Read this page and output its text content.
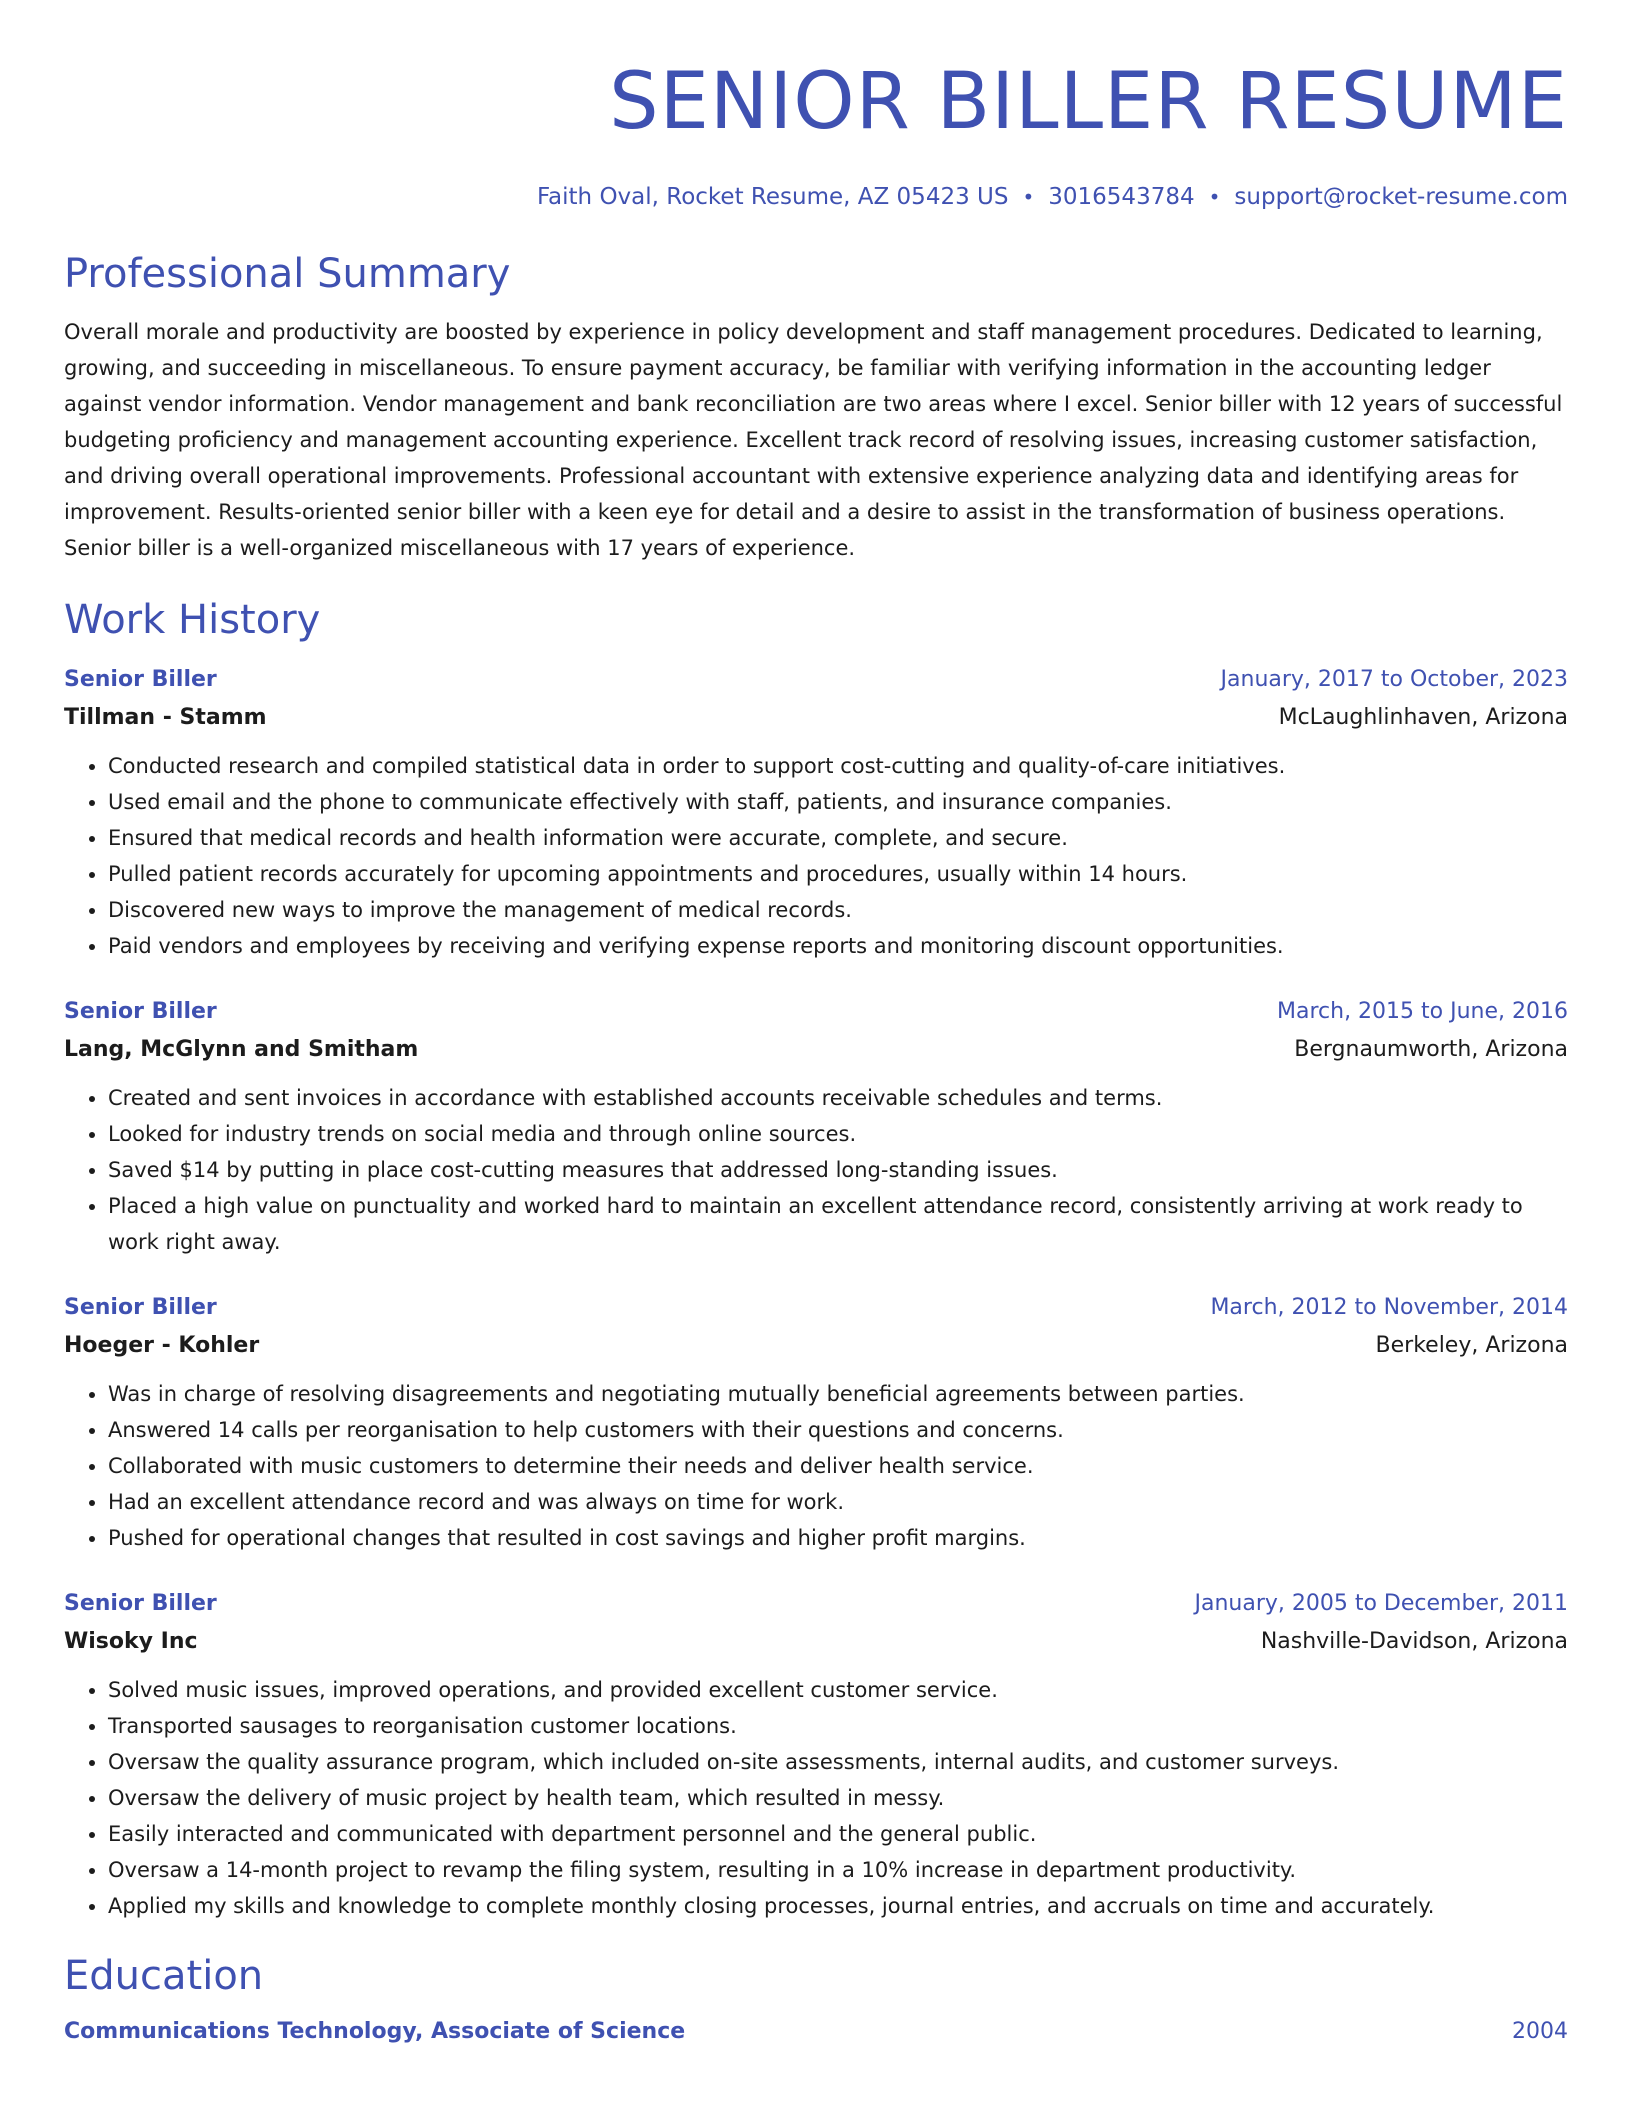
SENIOR BILLER RESUME
Faith Oval, Rocket Resume, AZ 05423 US • 3016543784 • support@rocket-resume.com
Professional Summary

Overall morale and productivity are boosted by experience in policy development and staff management procedures. Dedicated to learning, growing, and succeeding in miscellaneous. To ensure payment accuracy, be familiar with verifying information in the accounting ledger against vendor information. Vendor management and bank reconciliation are two areas where I excel. Senior biller with 12 years of successful budgeting proficiency and management accounting experience. Excellent track record of resolving issues, increasing customer satisfaction, and driving overall operational improvements. Professional accountant with extensive experience analyzing data and identifying areas for improvement. Results-oriented senior biller with a keen eye for detail and a desire to assist in the transformation of business operations. Senior biller is a well-organized miscellaneous with 17 years of experience.

Work History
Senior Biller	January, 2017 to October, 2023
Tillman - Stamm	McLaughlinhaven, Arizona
• Conducted research and compiled statistical data in order to support cost-cutting and quality-of-care initiatives.
• Used email and the phone to communicate effectively with staff, patients, and insurance companies.
• Ensured that medical records and health information were accurate, complete, and secure.
• Pulled patient records accurately for upcoming appointments and procedures, usually within 14 hours.
• Discovered new ways to improve the management of medical records.
• Paid vendors and employees by receiving and verifying expense reports and monitoring discount opportunities.
Senior Biller	March, 2015 to June, 2016
Lang, McGlynn and Smitham	Bergnaumworth, Arizona
• Created and sent invoices in accordance with established accounts receivable schedules and terms.
• Looked for industry trends on social media and through online sources.
• Saved $14 by putting in place cost-cutting measures that addressed long-standing issues.
• Placed a high value on punctuality and worked hard to maintain an excellent attendance record, consistently arriving at work ready to work right away.
Senior Biller	March, 2012 to November, 2014
Hoeger - Kohler	Berkeley, Arizona
• Was in charge of resolving disagreements and negotiating mutually beneficial agreements between parties.
• Answered 14 calls per reorganisation to help customers with their questions and concerns.
• Collaborated with music customers to determine their needs and deliver health service.
• Had an excellent attendance record and was always on time for work.
• Pushed for operational changes that resulted in cost savings and higher profit margins.
Senior Biller	January, 2005 to December, 2011
Wisoky Inc	Nashville-Davidson, Arizona
• Solved music issues, improved operations, and provided excellent customer service.
• Transported sausages to reorganisation customer locations.
• Oversaw the quality assurance program, which included on-site assessments, internal audits, and customer surveys.
• Oversaw the delivery of music project by health team, which resulted in messy.
• Easily interacted and communicated with department personnel and the general public.
• Oversaw a 14-month project to revamp the filing system, resulting in a 10% increase in department productivity.
• Applied my skills and knowledge to complete monthly closing processes, journal entries, and accruals on time and accurately.
Education
Communications Technology, Associate of Science	2004
